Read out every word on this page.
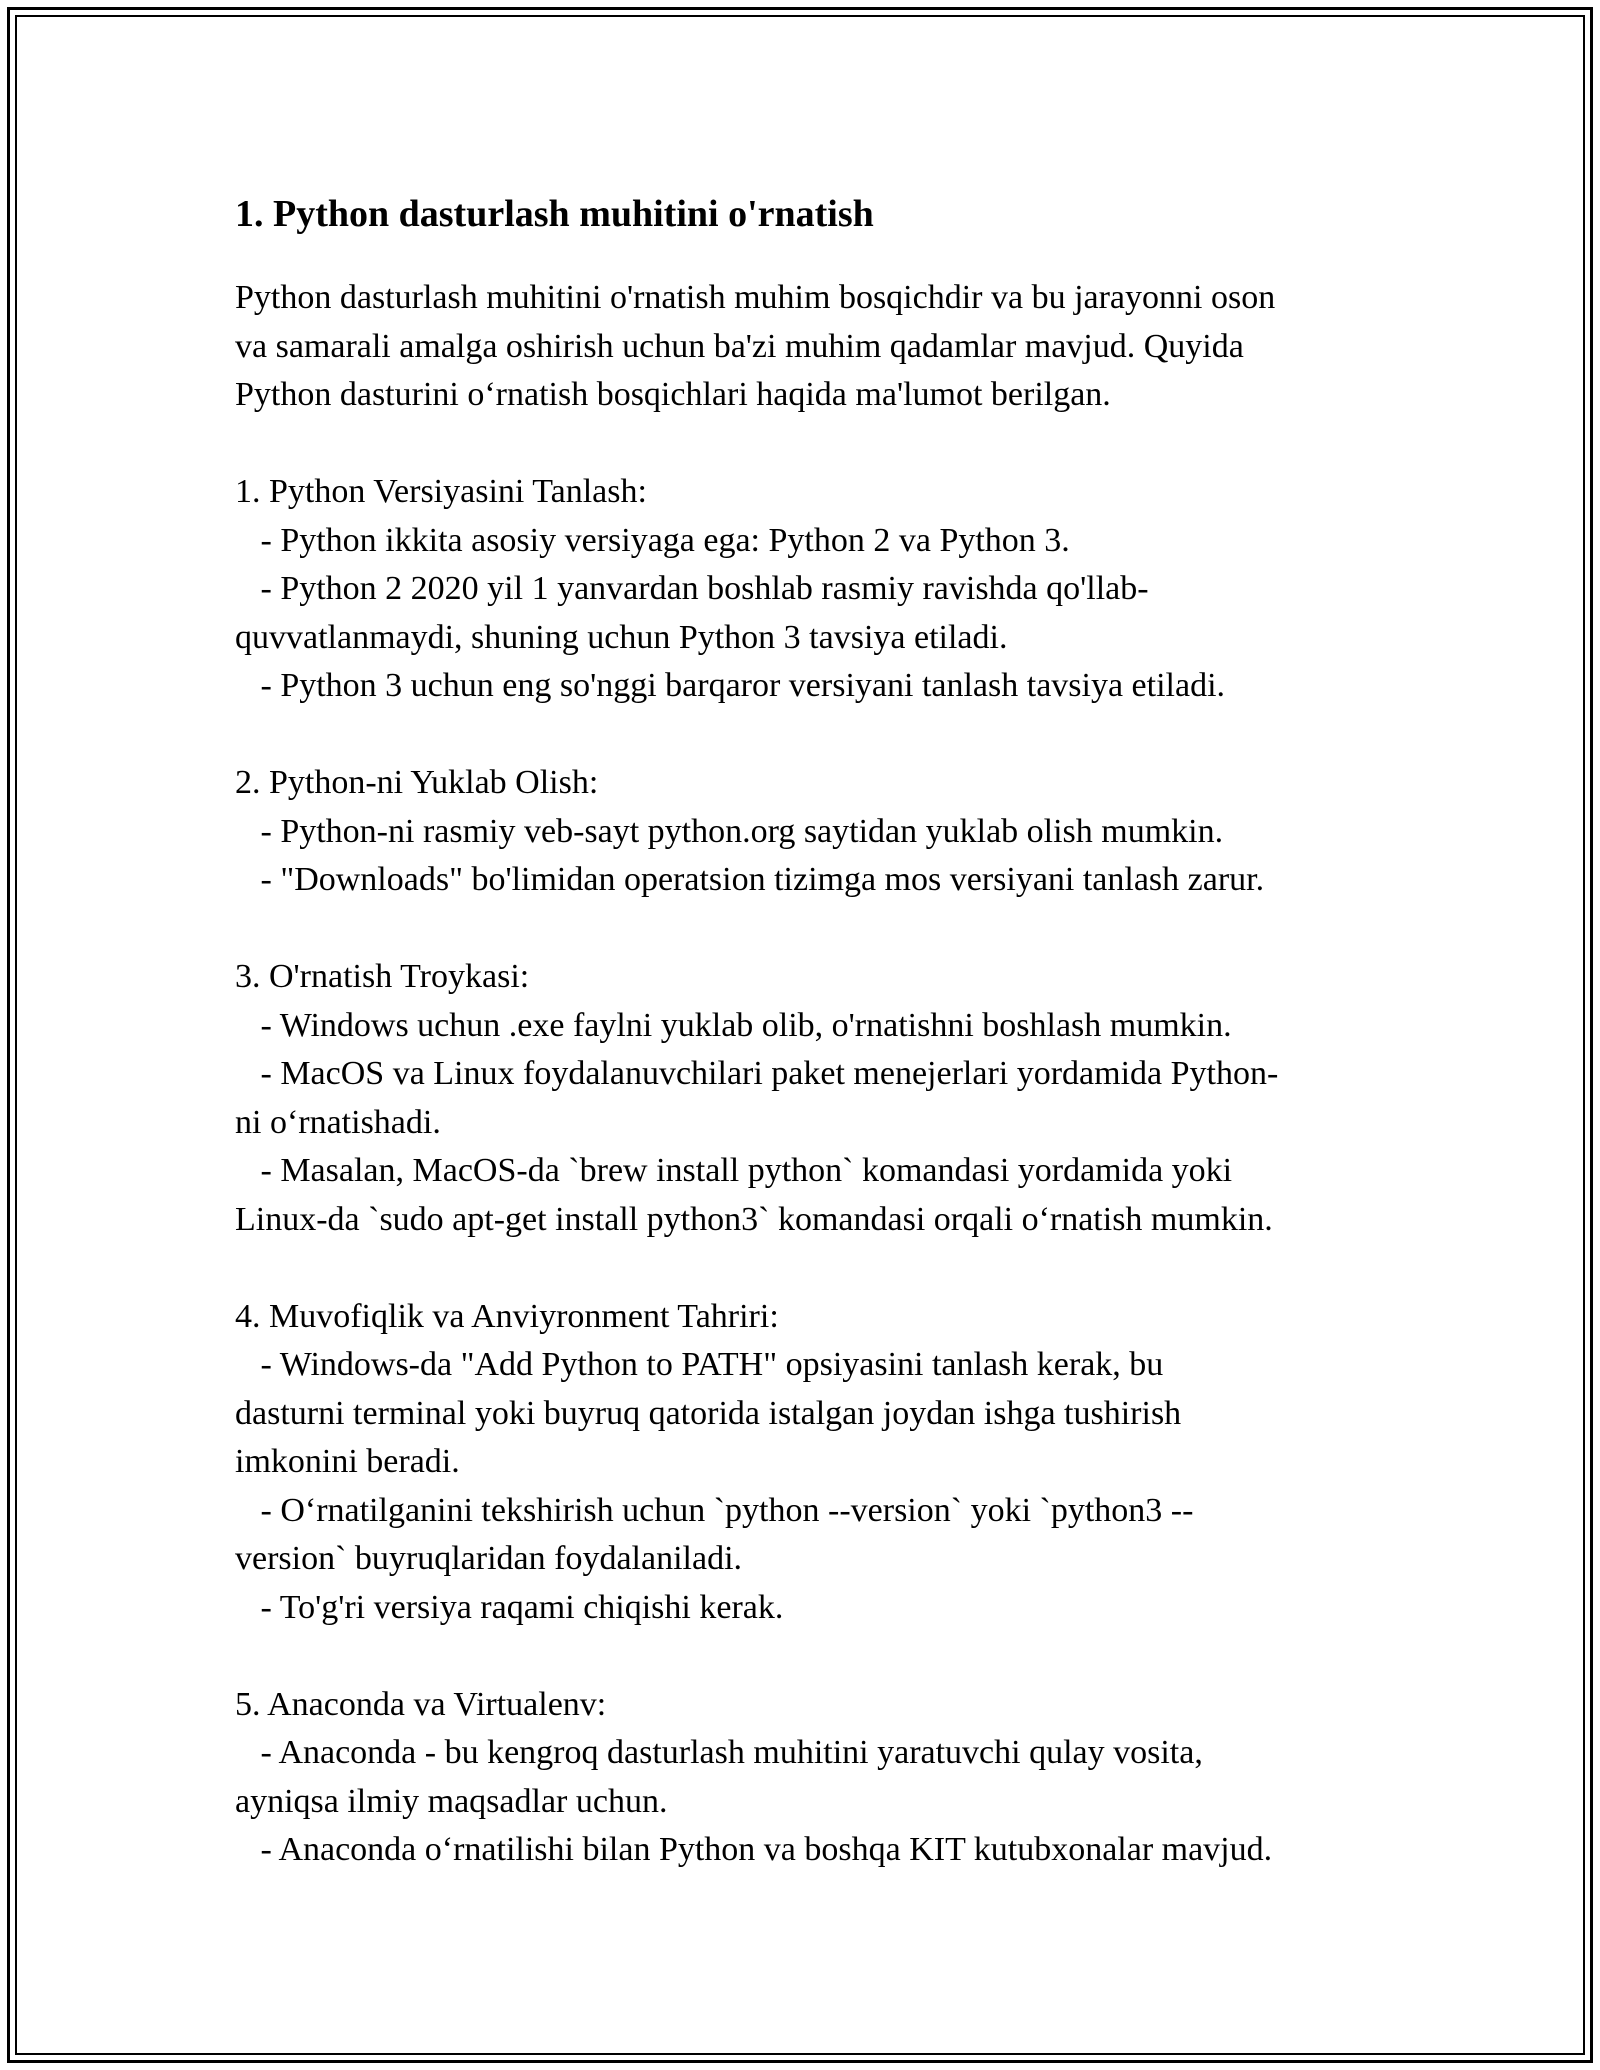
1. Python dasturlash muhitini o'rnatish
Python dasturlash muhitini o'rnatish muhim bosqichdir va bu jarayonni oson
va samarali amalga oshirish uchun ba'zi muhim qadamlar mavjud. Quyida
Python dasturini o‘rnatish bosqichlari haqida ma'lumot berilgan.
1. Python Versiyasini Tanlash:
- Python ikkita asosiy versiyaga ega: Python 2 va Python 3.
- Python 2 2020 yil 1 yanvardan boshlab rasmiy ravishda qo'llab-
quvvatlanmaydi, shuning uchun Python 3 tavsiya etiladi.
- Python 3 uchun eng so'nggi barqaror versiyani tanlash tavsiya etiladi.
2. Python-ni Yuklab Olish:
- Python-ni rasmiy veb-sayt python.org saytidan yuklab olish mumkin.
- "Downloads" bo'limidan operatsion tizimga mos versiyani tanlash zarur.
3. O'rnatish Troykasi:
- Windows uchun .exe faylni yuklab olib, o'rnatishni boshlash mumkin.
- MacOS va Linux foydalanuvchilari paket menejerlari yordamida Python-
ni o‘rnatishadi.
- Masalan, MacOS-da `brew install python` komandasi yordamida yoki
Linux-da `sudo apt-get install python3` komandasi orqali o‘rnatish mumkin.
4. Muvofiqlik va Anviyronment Tahriri:
- Windows-da "Add Python to PATH" opsiyasini tanlash kerak, bu
dasturni terminal yoki buyruq qatorida istalgan joydan ishga tushirish
imkonini beradi.
- O‘rnatilganini tekshirish uchun `python --version` yoki `python3 --
version` buyruqlaridan foydalaniladi.
- To'g'ri versiya raqami chiqishi kerak.
5. Anaconda va Virtualenv:
- Anaconda - bu kengroq dasturlash muhitini yaratuvchi qulay vosita,
ayniqsa ilmiy maqsadlar uchun.
- Anaconda o‘rnatilishi bilan Python va boshqa KIT kutubxonalar mavjud.
